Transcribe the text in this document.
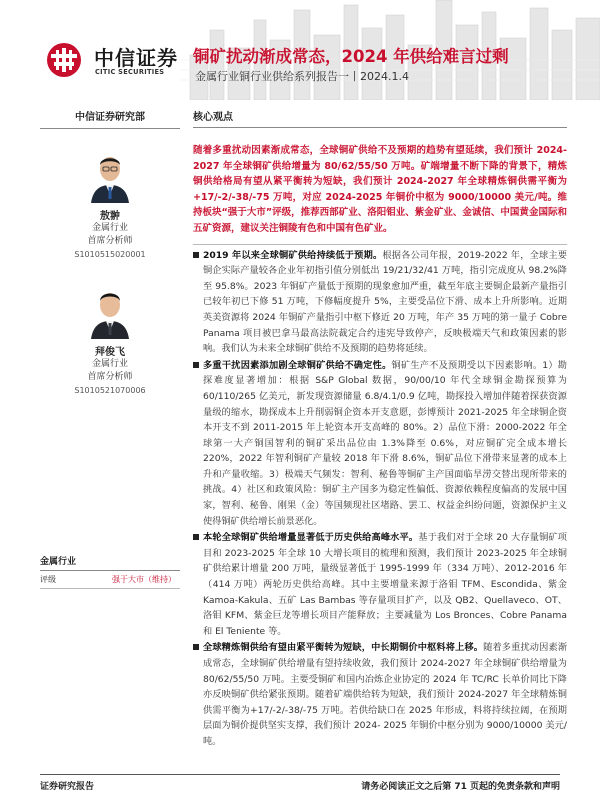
中信证券
CITIC SECURITIES
铜矿扰动渐成常态，2024 年供给难言过剩
金属行业铜行业供给系列报告一丨2024.1.4
中信证券研究部
敖翀
金属行业
首席分析师
S1010515020001
拜俊飞
金属行业
首席分析师
S1010521070006
金属行业
评级	强于大市（维持）
核心观点
随着多重扰动因素渐成常态，全球铜矿供给不及预期的趋势有望延续，我们预计 2024-2027 年全球铜矿供给增量为 80/62/55/50 万吨。矿端增量不断下降的背景下，精炼铜供给格局有望从紧平衡转为短缺，我们预计 2024-2027 年全球精炼铜供需平衡为+17/-2/-38/-75 万吨，对应 2024-2025 年铜价中枢为 9000/10000 美元/吨。维持板块“强于大市”评级，推荐西部矿业、洛阳钼业、紫金矿业、金诚信、中国黄金国际和五矿资源，建议关注铜陵有色和中国有色矿业。
2019 年以来全球铜矿供给持续低于预期。根据各公司年报，2019-2022 年，全球主要铜企实际产量较各企业年初指引值分别低出 19/21/32/41 万吨，指引完成度从 98.2%降至 95.8%。2023 年铜矿产量低于预期的现象愈加严重，截至年底主要铜企最新产量指引已较年初已下修 51 万吨，下修幅度提升 5%，主要受品位下滑、成本上升所影响。近期英美资源将 2024 年铜矿产量指引中枢下修近 20 万吨，年产 35 万吨的第一量子 Cobre Panama 项目被巴拿马最高法院裁定合约违宪导致停产，反映极端天气和政策因素的影响。我们认为未来全球铜矿供给不及预期的趋势将延续。
多重干扰因素添加剧全球铜矿供给不确定性。铜矿生产不及预期受以下因素影响。1）勘探难度显著增加：根据 S&P Global 数据，90/00/10 年代全球铜金勘探预算为 60/110/265 亿美元，新发现资源储量 6.8/4.1/0.9 亿吨，勘探投入增加伴随着探获资源量级的缩水，勘探成本上升削弱铜企资本开支意愿，彭博预计 2021-2025 年全球铜企资本开支不到 2011-2015 年上轮资本开支高峰的 80%。2）品位下滑：2000-2022 年全球第一大产铜国智利的铜矿采出品位由 1.3%降至 0.6%，对应铜矿完全成本增长 220%，2022 年智利铜矿产量较 2018 年下滑 8.6%，铜矿品位下滑带来显著的成本上升和产量收缩。3）极端天气频发：智利、秘鲁等铜矿主产国面临旱涝交替出现所带来的挑战。4）社区和政策风险：铜矿主产国多为稳定性偏低、资源依赖程度偏高的发展中国家，智利、秘鲁、刚果（金）等国频现社区堵路、罢工、权益金纠纷问题，资源保护主义使得铜矿供给增长前景恶化。
本轮全球铜矿供给增量显著低于历史供给高峰水平。基于我们对于全球 20 大存量铜矿项目和 2023-2025 年全球 10 大增长项目的梳理和预测，我们预计 2023-2025 年全球铜矿供给累计增量 200 万吨，量级显著低于 1995-1999 年（334 万吨）、2012-2016 年（414 万吨）两轮历史供给高峰。其中主要增量来源于洛钼 TFM、Escondida、紫金 Kamoa-Kakula、五矿 Las Bambas 等存量项目扩产，以及 QB2、Quellaveco、OT、洛钼 KFM、紫金巨龙等增长项目产能释放；主要减量为 Los Bronces、Cobre Panama 和 El Teniente 等。
全球精炼铜供给有望由紧平衡转为短缺，中长期铜价中枢料将上移。随着多重扰动因素渐成常态，全球铜矿供给增量有望持续收敛，我们预计 2024-2027 年全球铜矿供给增量为 80/62/55/50 万吨。主要受铜矿和国内冶炼企业协定的 2024 年 TC/RC 长单价同比下降亦反映铜矿供给紧张预期。随着矿端供给转为短缺，我们预计 2024-2027 年全球精炼铜供需平衡为+17/-2/-38/-75 万吨。若供给缺口在 2025 年形成，料将持续拉阔，在预期层面为铜价提供坚实支撑，我们预计 2024- 2025 年铜价中枢分别为 9000/10000 美元/吨。
证券研究报告	请务必阅读正文之后第 71 页起的免责条款和声明
